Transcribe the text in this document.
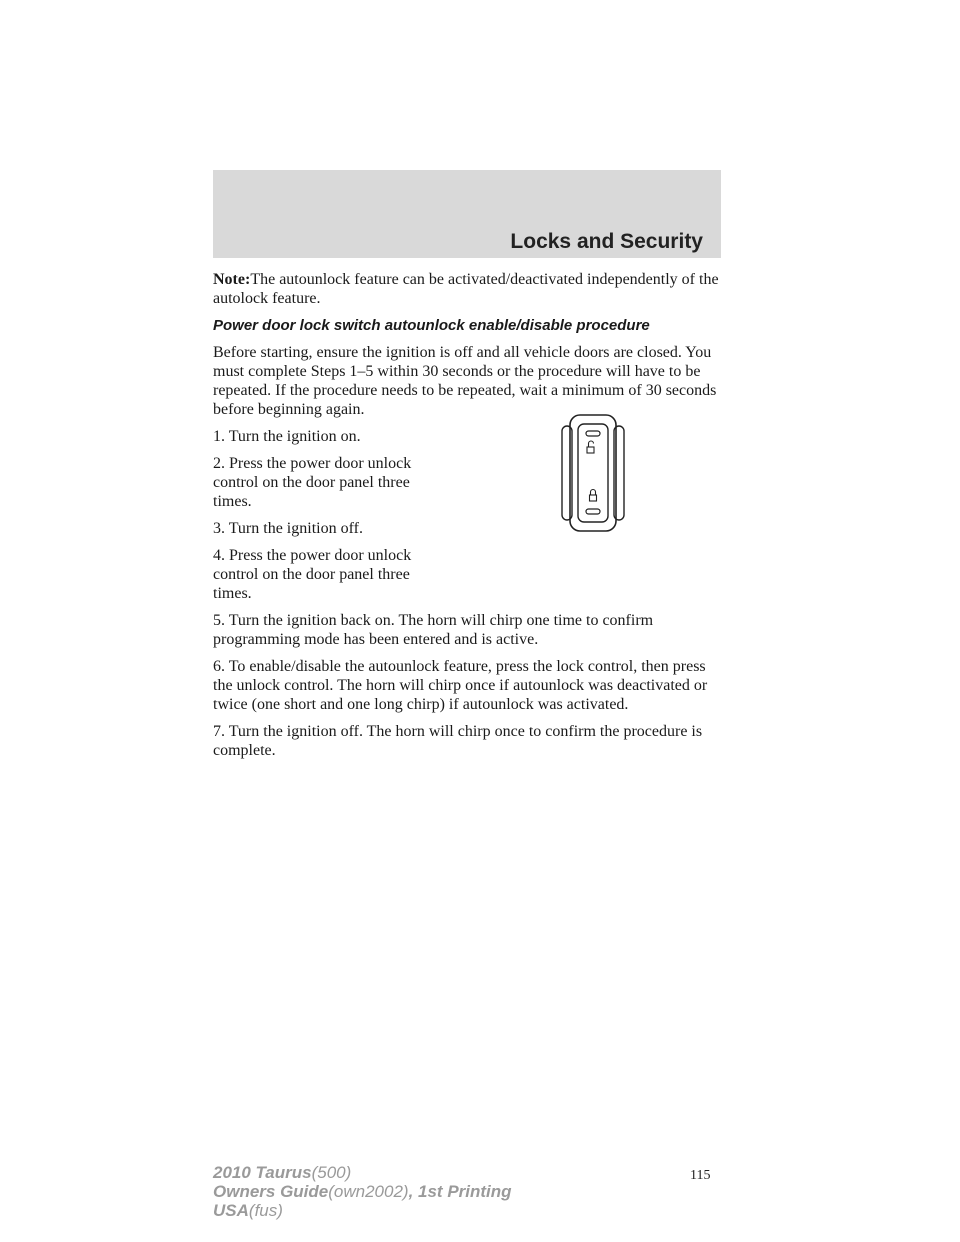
Locks and Security

Note:The autounlock feature can be activated/deactivated independently of the autolock feature.

Power door lock switch autounlock enable/disable procedure

Before starting, ensure the ignition is off and all vehicle doors are closed. You must complete Steps 1–5 within 30 seconds or the procedure will have to be repeated. If the procedure needs to be repeated, wait a minimum of 30 seconds before beginning again.

1. Turn the ignition on.

2. Press the power door unlock control on the door panel three times.

3. Turn the ignition off.

4. Press the power door unlock control on the door panel three times.

5. Turn the ignition back on. The horn will chirp one time to confirm programming mode has been entered and is active.

6. To enable/disable the autounlock feature, press the lock control, then press the unlock control. The horn will chirp once if autounlock was deactivated or twice (one short and one long chirp) if autounlock was activated.

7. Turn the ignition off. The horn will chirp once to confirm the procedure is complete.

115
2010 Taurus(500)
Owners Guide(own2002), 1st Printing
USA(fus)
